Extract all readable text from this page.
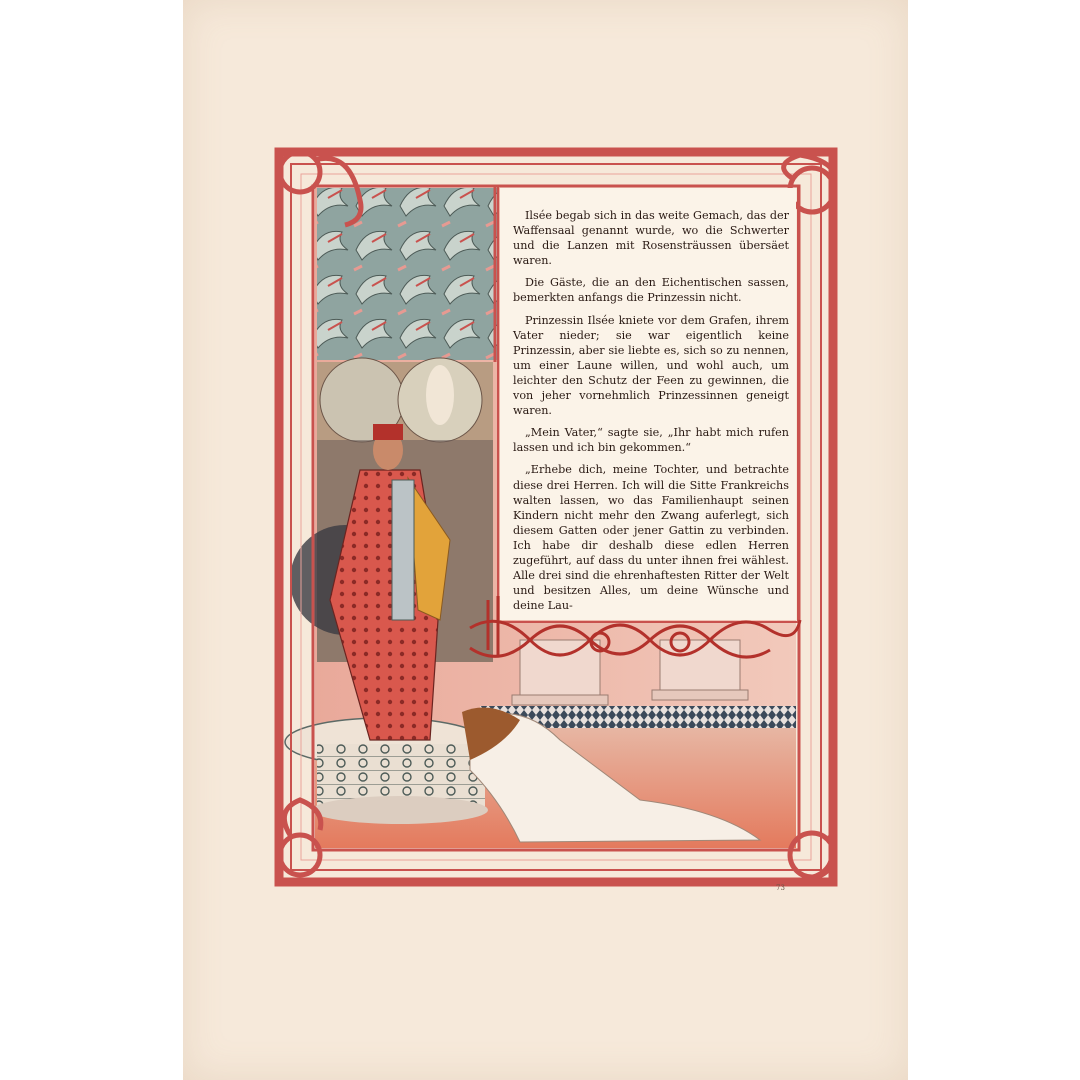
Ilsée begab sich in das weite Gemach, das der Waffensaal genannt wurde, wo die Schwerter und die Lanzen mit Rosensträussen übersäet waren.

Die Gäste, die an den Eichentischen sassen, bemerkten anfangs die Prinzessin nicht.

Prinzessin Ilsée kniete vor dem Grafen, ihrem Vater nieder; sie war eigentlich keine Prinzessin, aber sie liebte es, sich so zu nennen, um einer Laune willen, und wohl auch, um leichter den Schutz der Feen zu gewinnen, die von jeher vornehmlich Prinzessinnen geneigt waren.

„Mein Vater,“ sagte sie, „Ihr habt mich rufen lassen und ich bin gekommen.“

„Erhebe dich, meine Tochter, und betrachte diese drei Herren. Ich will die Sitte Frankreichs walten lassen, wo das Familienhaupt seinen Kindern nicht mehr den Zwang auferlegt, sich diesem Gatten oder jener Gattin zu verbinden. Ich habe dir deshalb diese edlen Herren zugeführt, auf dass du unter ihnen frei wählest. Alle drei sind die ehrenhaftesten Ritter der Welt und besitzen Alles, um deine Wünsche und deine Lau-

73
